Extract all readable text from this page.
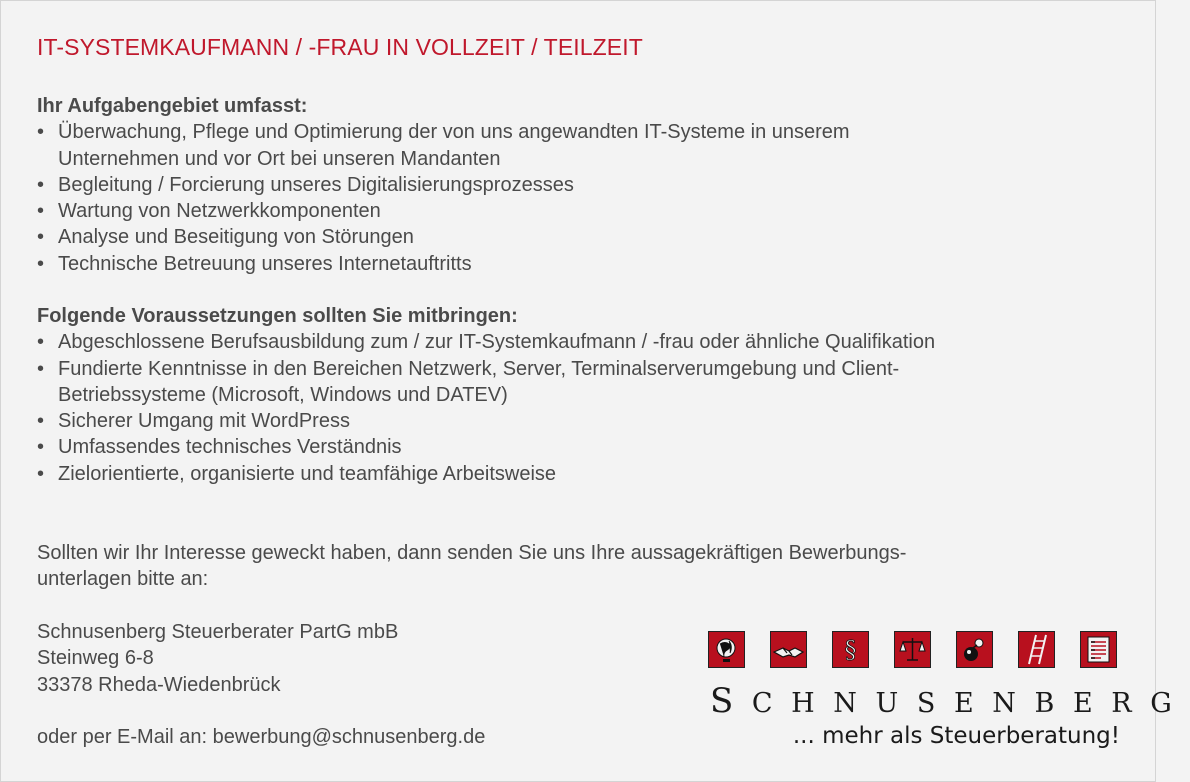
IT-SYSTEMKAUFMANN / -FRAU IN VOLLZEIT / TEILZEIT
Ihr Aufgabengebiet umfasst:
• Überwachung, Pflege und Optimierung der von uns angewandten IT-Systeme in unserem
Unternehmen und vor Ort bei unseren Mandanten
• Begleitung / Forcierung unseres Digitalisierungsprozesses
• Wartung von Netzwerkkomponenten
• Analyse und Beseitigung von Störungen
• Technische Betreuung unseres Internetauftritts
Folgende Voraussetzungen sollten Sie mitbringen:
• Abgeschlossene Berufsausbildung zum / zur IT-Systemkaufmann / -frau oder ähnliche Qualifikation
• Fundierte Kenntnisse in den Bereichen Netzwerk, Server, Terminalserverumgebung und Client-
Betriebssysteme (Microsoft, Windows und DATEV)
• Sicherer Umgang mit WordPress
• Umfassendes technisches Verständnis
• Zielorientierte, organisierte und teamfähige Arbeitsweise
Sollten wir Ihr Interesse geweckt haben, dann senden Sie uns Ihre aussagekräftigen Bewerbungs-
unterlagen bitte an:
Schnusenberg Steuerberater PartG mbB
Steinweg 6-8
33378 Rheda-Wiedenbrück
oder per E-Mail an: bewerbung@schnusenberg.de
§
SCHNUSENBERG
... mehr als Steuerberatung!
